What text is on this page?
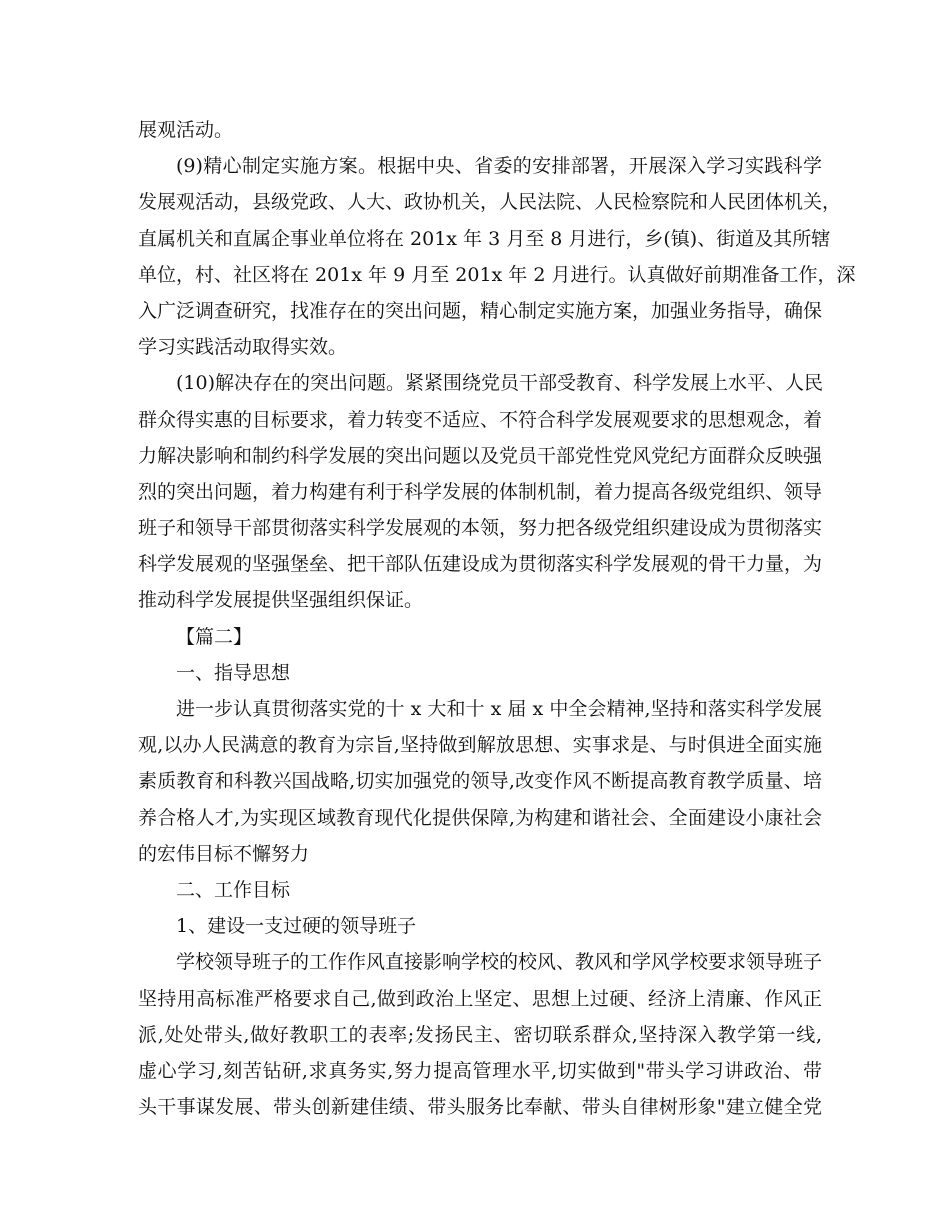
展观活动。
(9)精心制定实施方案。根据中央、省委的安排部署，开展深入学习实践科学
发展观活动，县级党政、人大、政协机关，人民法院、人民检察院和人民团体机关，
直属机关和直属企事业单位将在 201x 年 3 月至 8 月进行，乡(镇)、街道及其所辖
单位，村、社区将在 201x 年 9 月至 201x 年 2 月进行。认真做好前期准备工作，深
入广泛调查研究，找准存在的突出问题，精心制定实施方案，加强业务指导，确保
学习实践活动取得实效。
(10)解决存在的突出问题。紧紧围绕党员干部受教育、科学发展上水平、人民
群众得实惠的目标要求，着力转变不适应、不符合科学发展观要求的思想观念，着
力解决影响和制约科学发展的突出问题以及党员干部党性党风党纪方面群众反映强
烈的突出问题，着力构建有利于科学发展的体制机制，着力提高各级党组织、领导
班子和领导干部贯彻落实科学发展观的本领，努力把各级党组织建设成为贯彻落实
科学发展观的坚强堡垒、把干部队伍建设成为贯彻落实科学发展观的骨干力量，为
推动科学发展提供坚强组织保证。
【篇二】
一、指导思想
进一步认真贯彻落实党的十 x 大和十 x 届 x 中全会精神,坚持和落实科学发展
观,以办人民满意的教育为宗旨,坚持做到解放思想、实事求是、与时俱进全面实施
素质教育和科教兴国战略,切实加强党的领导,改变作风不断提高教育教学质量、培
养合格人才,为实现区域教育现代化提供保障,为构建和谐社会、全面建设小康社会
的宏伟目标不懈努力
二、工作目标
1、建设一支过硬的领导班子
学校领导班子的工作作风直接影响学校的校风、教风和学风学校要求领导班子
坚持用高标准严格要求自己,做到政治上坚定、思想上过硬、经济上清廉、作风正
派,处处带头,做好教职工的表率;发扬民主、密切联系群众,坚持深入教学第一线,
虚心学习,刻苦钻研,求真务实,努力提高管理水平,切实做到"带头学习讲政治、带
头干事谋发展、带头创新建佳绩、带头服务比奉献、带头自律树形象"建立健全党
